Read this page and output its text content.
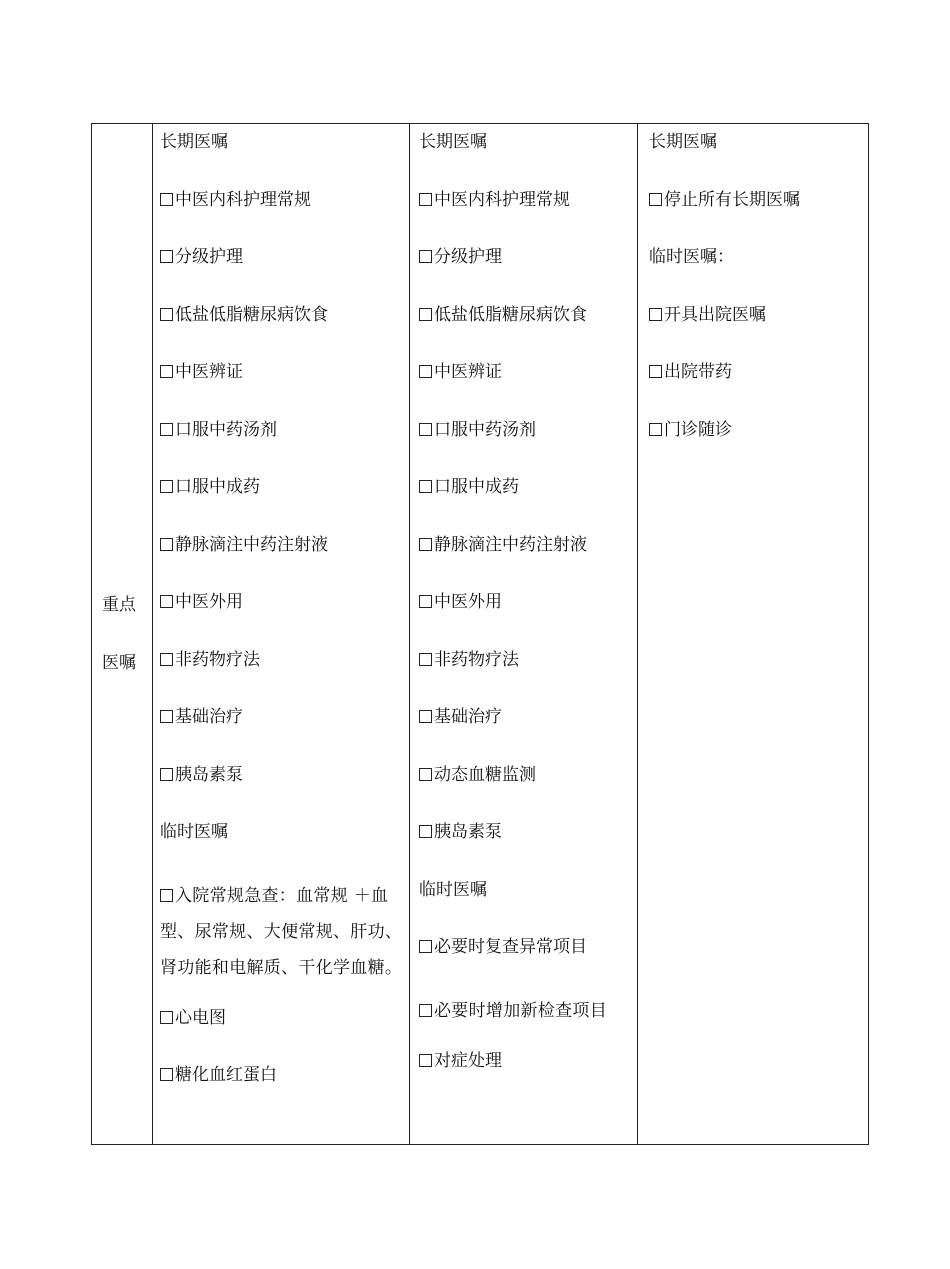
重点
医嘱

长期医嘱
中医内科护理常规
分级护理
低盐低脂糖尿病饮食
中医辨证
口服中药汤剂
口服中成药
静脉滴注中药注射液
中医外用
非药物疗法
基础治疗
胰岛素泵
临时医嘱
入院常规急查：血常规 ＋血型、尿常规、大便常规、肝功、肾功能和电解质、干化学血糖。
心电图
糖化血红蛋白

长期医嘱
中医内科护理常规
分级护理
低盐低脂糖尿病饮食
中医辨证
口服中药汤剂
口服中成药
静脉滴注中药注射液
中医外用
非药物疗法
基础治疗
动态血糖监测
胰岛素泵
临时医嘱
必要时复查异常项目
必要时增加新检查项目
对症处理

长期医嘱
停止所有长期医嘱
临时医嘱：
开具出院医嘱
出院带药
门诊随诊
